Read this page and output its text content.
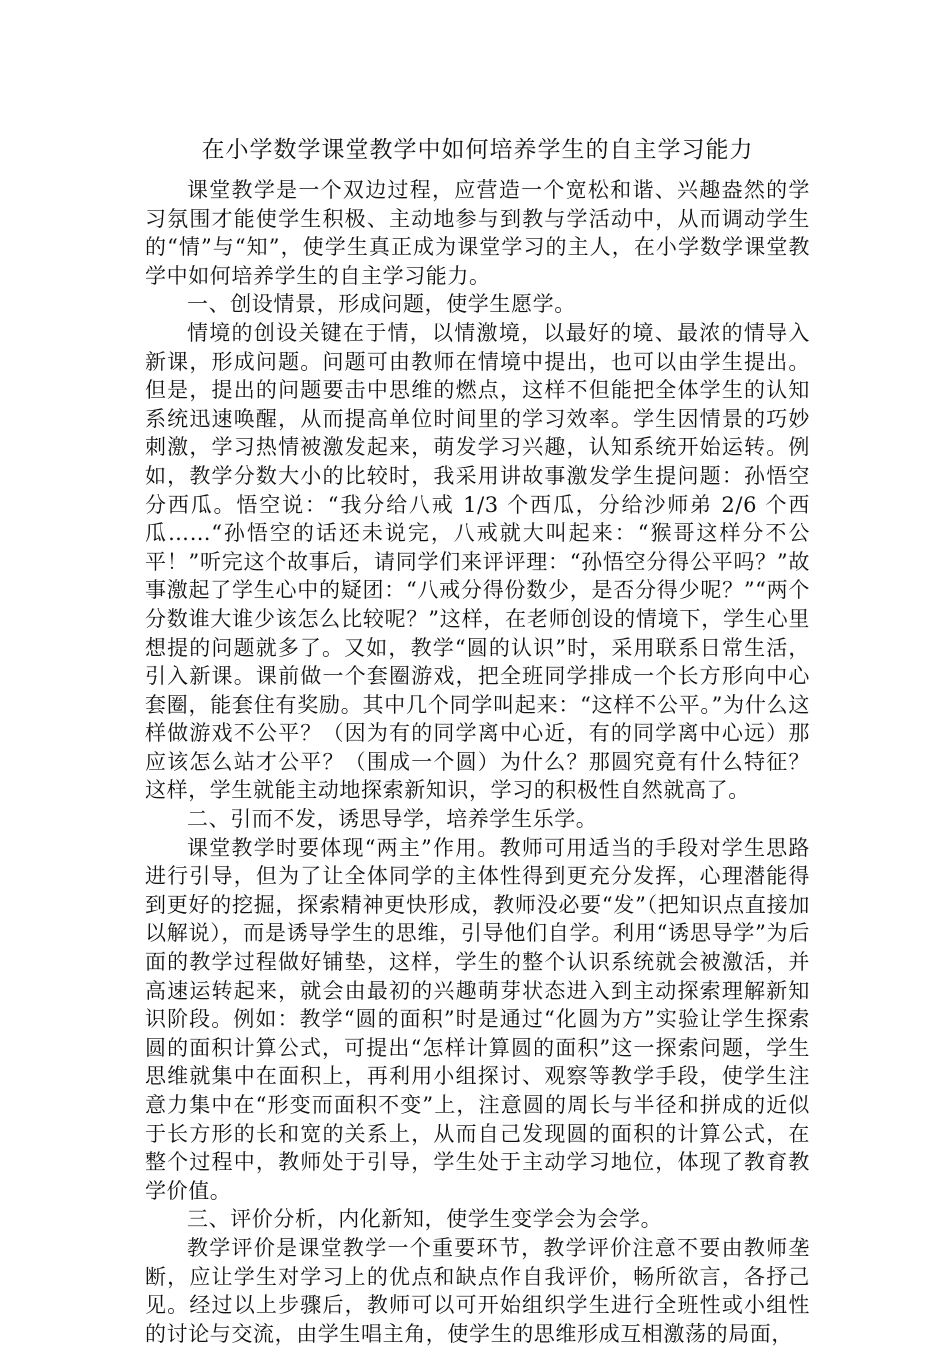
在小学数学课堂教学中如何培养学生的自主学习能力

课堂教学是一个双边过程，应营造一个宽松和谐、兴趣盎然的学习氛围才能使学生积极、主动地参与到教与学活动中，从而调动学生的“情”与“知”，使学生真正成为课堂学习的主人，在小学数学课堂教学中如何培养学生的自主学习能力。

一、创设情景，形成问题，使学生愿学。

情境的创设关键在于情，以情激境，以最好的境、最浓的情导入新课，形成问题。问题可由教师在情境中提出，也可以由学生提出。但是，提出的问题要击中思维的燃点，这样不但能把全体学生的认知系统迅速唤醒，从而提高单位时间里的学习效率。学生因情景的巧妙刺激，学习热情被激发起来，萌发学习兴趣，认知系统开始运转。例如，教学分数大小的比较时，我采用讲故事激发学生提问题：孙悟空分西瓜。悟空说：“我分给八戒 1/3 个西瓜，分给沙师弟 2/6 个西瓜……“孙悟空的话还未说完，八戒就大叫起来：“猴哥这样分不公平！”听完这个故事后，请同学们来评评理：“孙悟空分得公平吗？”故事激起了学生心中的疑团：“八戒分得份数少，是否分得少呢？”“两个分数谁大谁少该怎么比较呢？”这样，在老师创设的情境下，学生心里想提的问题就多了。又如，教学“圆的认识”时，采用联系日常生活，引入新课。课前做一个套圈游戏，把全班同学排成一个长方形向中心套圈，能套住有奖励。其中几个同学叫起来：“这样不公平。”为什么这样做游戏不公平？（因为有的同学离中心近，有的同学离中心远）那应该怎么站才公平？（围成一个圆）为什么？那圆究竟有什么特征？这样，学生就能主动地探索新知识，学习的积极性自然就高了。

二、引而不发，诱思导学，培养学生乐学。

课堂教学时要体现“两主”作用。教师可用适当的手段对学生思路进行引导，但为了让全体同学的主体性得到更充分发挥，心理潜能得到更好的挖掘，探索精神更快形成，教师没必要“发”（把知识点直接加以解说），而是诱导学生的思维，引导他们自学。利用“诱思导学”为后面的教学过程做好铺垫，这样，学生的整个认识系统就会被激活，并高速运转起来，就会由最初的兴趣萌芽状态进入到主动探索理解新知识阶段。例如：教学“圆的面积”时是通过“化圆为方”实验让学生探索圆的面积计算公式，可提出“怎样计算圆的面积”这一探索问题，学生思维就集中在面积上，再利用小组探讨、观察等教学手段，使学生注意力集中在“形变而面积不变”上，注意圆的周长与半径和拼成的近似于长方形的长和宽的关系上，从而自己发现圆的面积的计算公式，在整个过程中，教师处于引导，学生处于主动学习地位，体现了教育教学价值。

三、评价分析，内化新知，使学生变学会为会学。

教学评价是课堂教学一个重要环节，教学评价注意不要由教师垄断，应让学生对学习上的优点和缺点作自我评价，畅所欲言，各抒己见。经过以上步骤后，教师可以可开始组织学生进行全班性或小组性的讨论与交流，由学生唱主角，使学生的思维形成互相激荡的局面，
